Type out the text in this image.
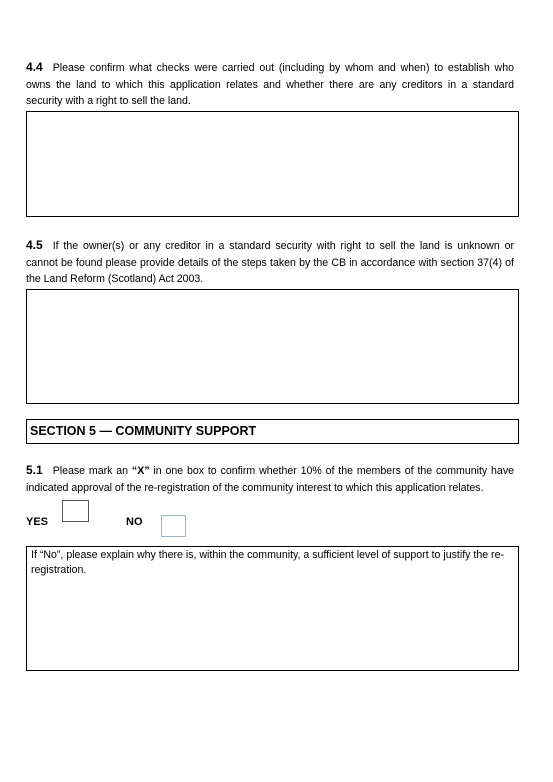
4.4 Please confirm what checks were carried out (including by whom and when) to establish who owns the land to which this application relates and whether there are any creditors in a standard security with a right to sell the land.
4.5 If the owner(s) or any creditor in a standard security with right to sell the land is unknown or cannot be found please provide details of the steps taken by the CB in accordance with section 37(4) of the Land Reform (Scotland) Act 2003.
SECTION 5 — COMMUNITY SUPPORT
5.1 Please mark an “X” in one box to confirm whether 10% of the members of the community have indicated approval of the re-registration of the community interest to which this application relates.
YES	NO
If “No”, please explain why there is, within the community, a sufficient level of support to justify the re-registration.
